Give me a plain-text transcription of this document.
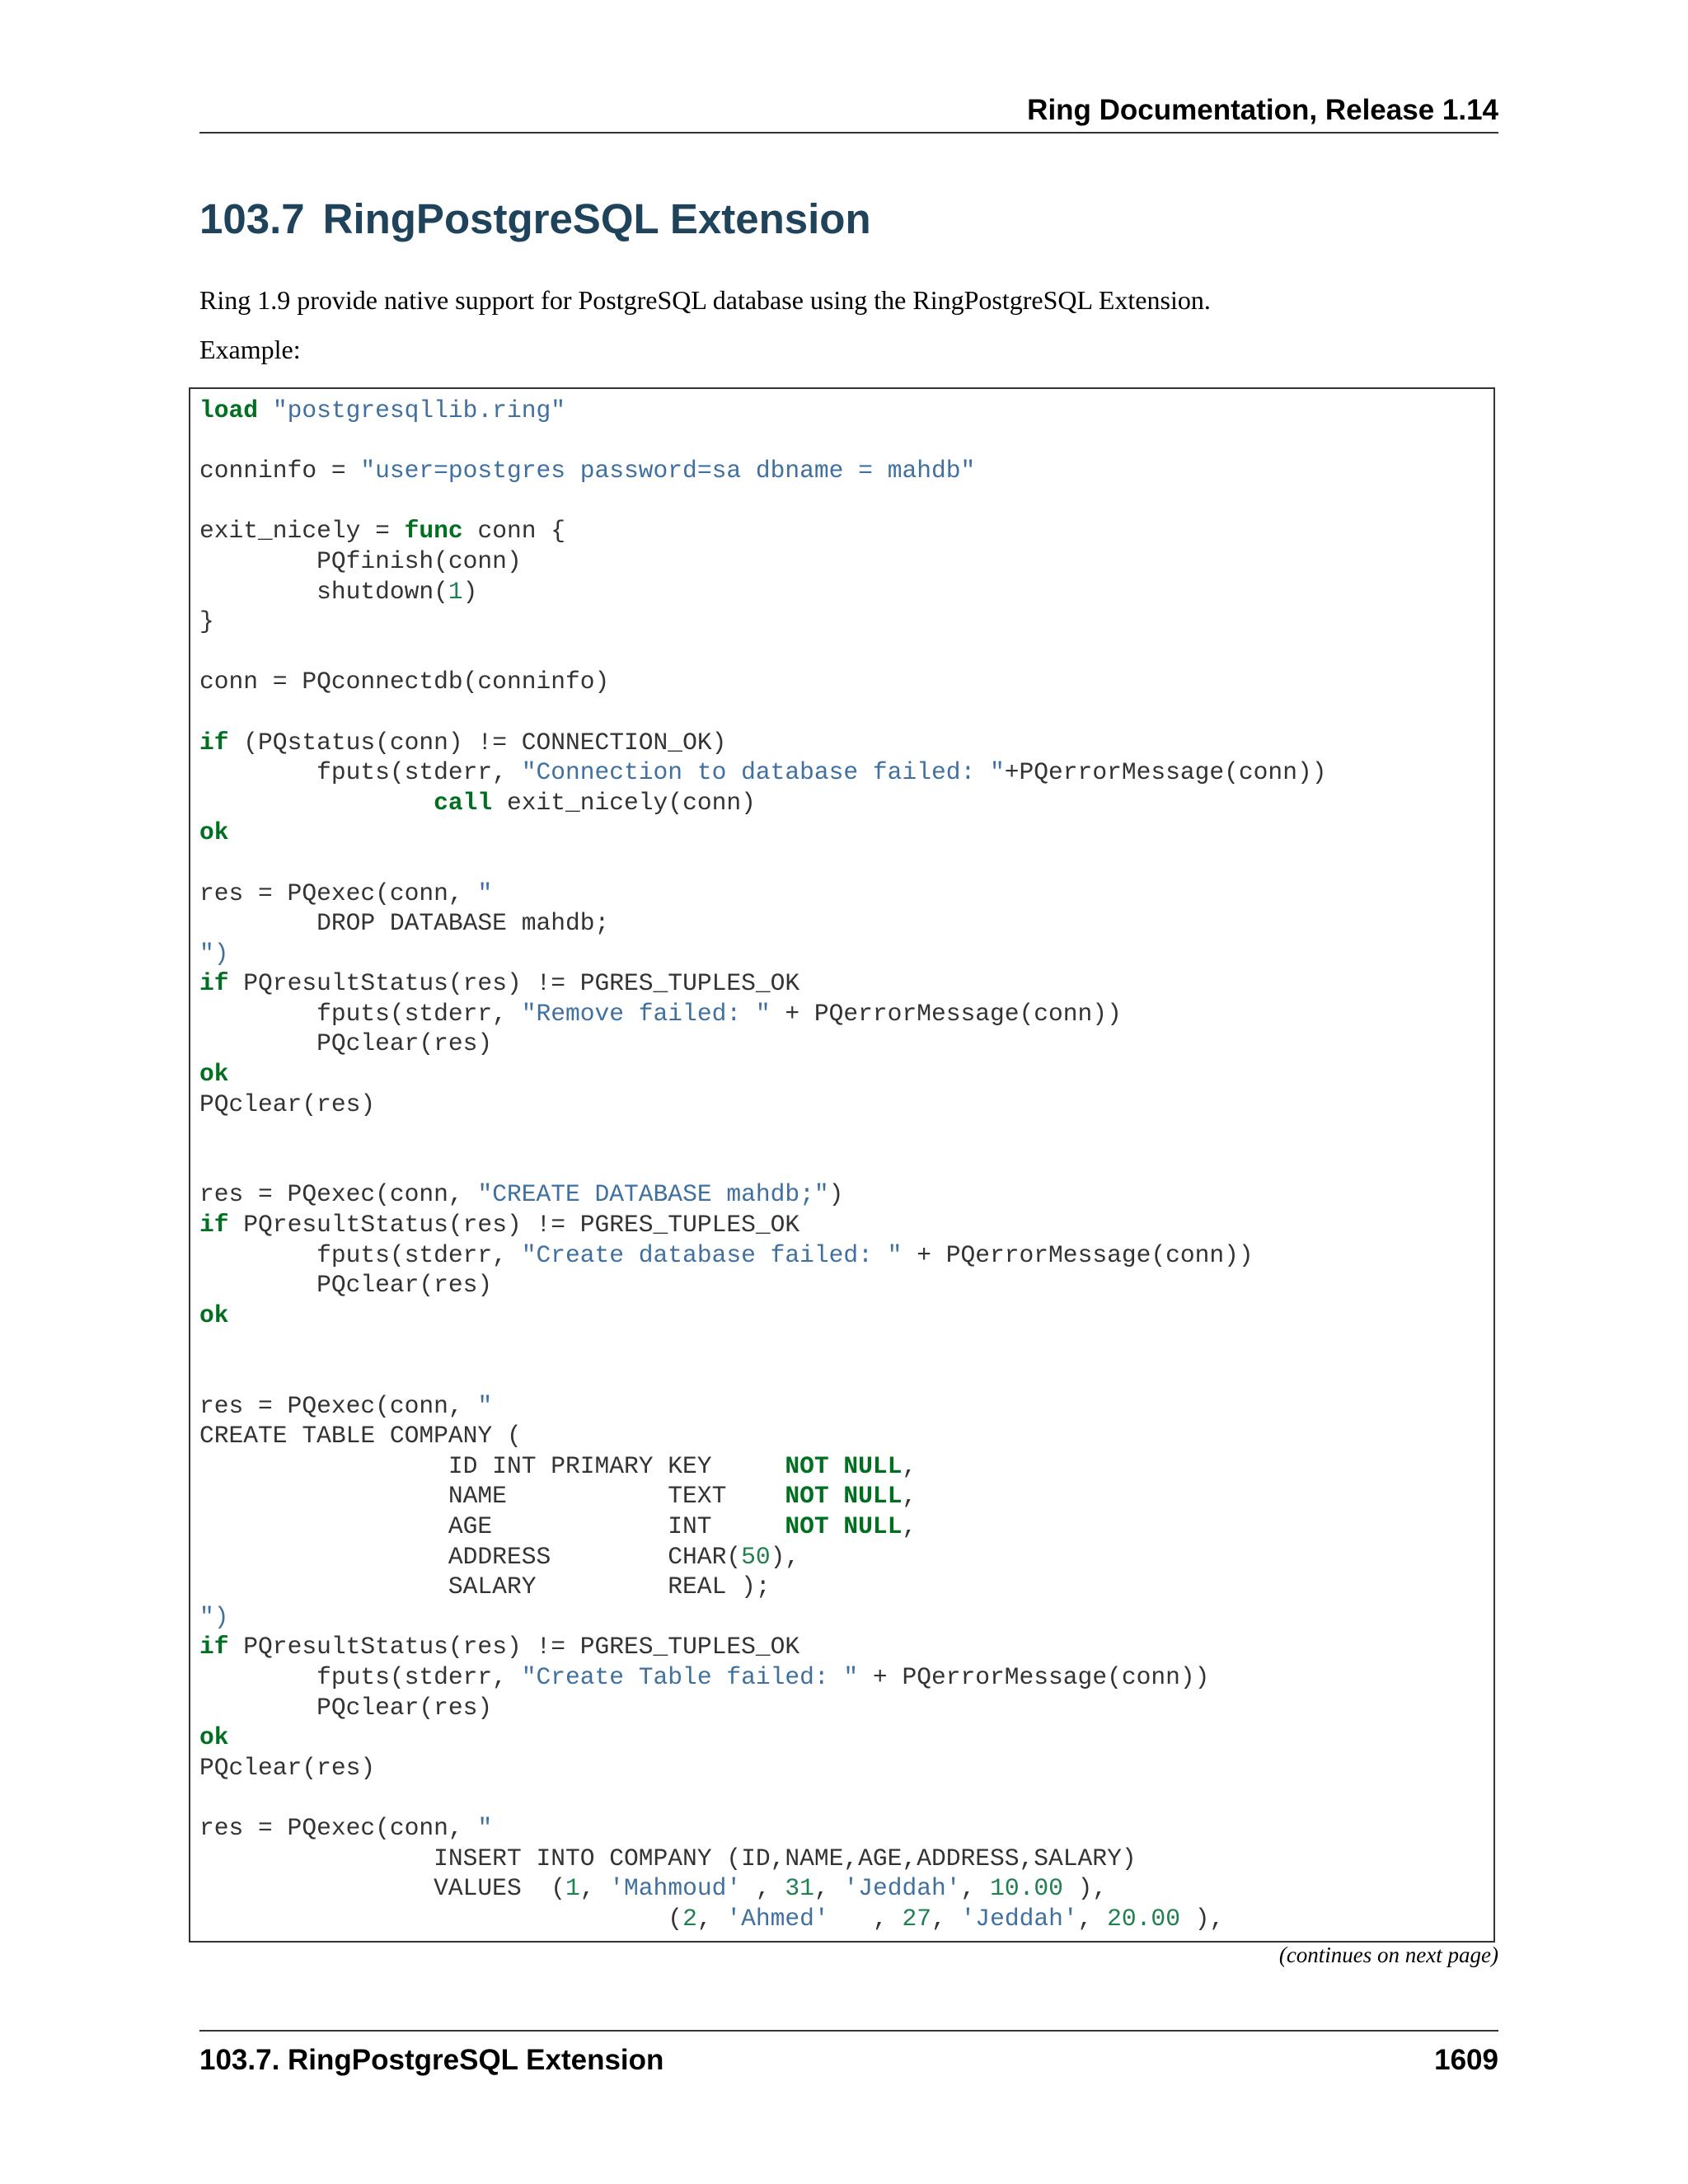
Ring Documentation, Release 1.14
103.7 RingPostgreSQL Extension

Ring 1.9 provide native support for PostgreSQL database using the RingPostgreSQL Extension.

Example:

load "postgresqllib.ring"

conninfo = "user=postgres password=sa dbname = mahdb"

exit_nicely = func conn {
PQfinish(conn)
shutdown(1)
}

conn = PQconnectdb(conninfo)

if (PQstatus(conn) != CONNECTION_OK)
fputs(stderr, "Connection to database failed: "+PQerrorMessage(conn))
call exit_nicely(conn)
ok

res = PQexec(conn, "
DROP DATABASE mahdb;
")
if PQresultStatus(res) != PGRES_TUPLES_OK
fputs(stderr, "Remove failed: " + PQerrorMessage(conn))
PQclear(res)
ok
PQclear(res)

res = PQexec(conn, "CREATE DATABASE mahdb;")
if PQresultStatus(res) != PGRES_TUPLES_OK
fputs(stderr, "Create database failed: " + PQerrorMessage(conn))
PQclear(res)
ok

res = PQexec(conn, "
CREATE TABLE COMPANY (
ID INT PRIMARY KEY     NOT NULL,
NAME           TEXT    NOT NULL,
AGE            INT     NOT NULL,
ADDRESS        CHAR(50),
SALARY         REAL );
")
if PQresultStatus(res) != PGRES_TUPLES_OK
fputs(stderr, "Create Table failed: " + PQerrorMessage(conn))
PQclear(res)
ok
PQclear(res)

res = PQexec(conn, "
INSERT INTO COMPANY (ID,NAME,AGE,ADDRESS,SALARY)
VALUES  (1, 'Mahmoud' , 31, 'Jeddah', 10.00 ),
(2, 'Ahmed'   , 27, 'Jeddah', 20.00 ),
(continues on next page)
103.7. RingPostgreSQL Extension	1609
